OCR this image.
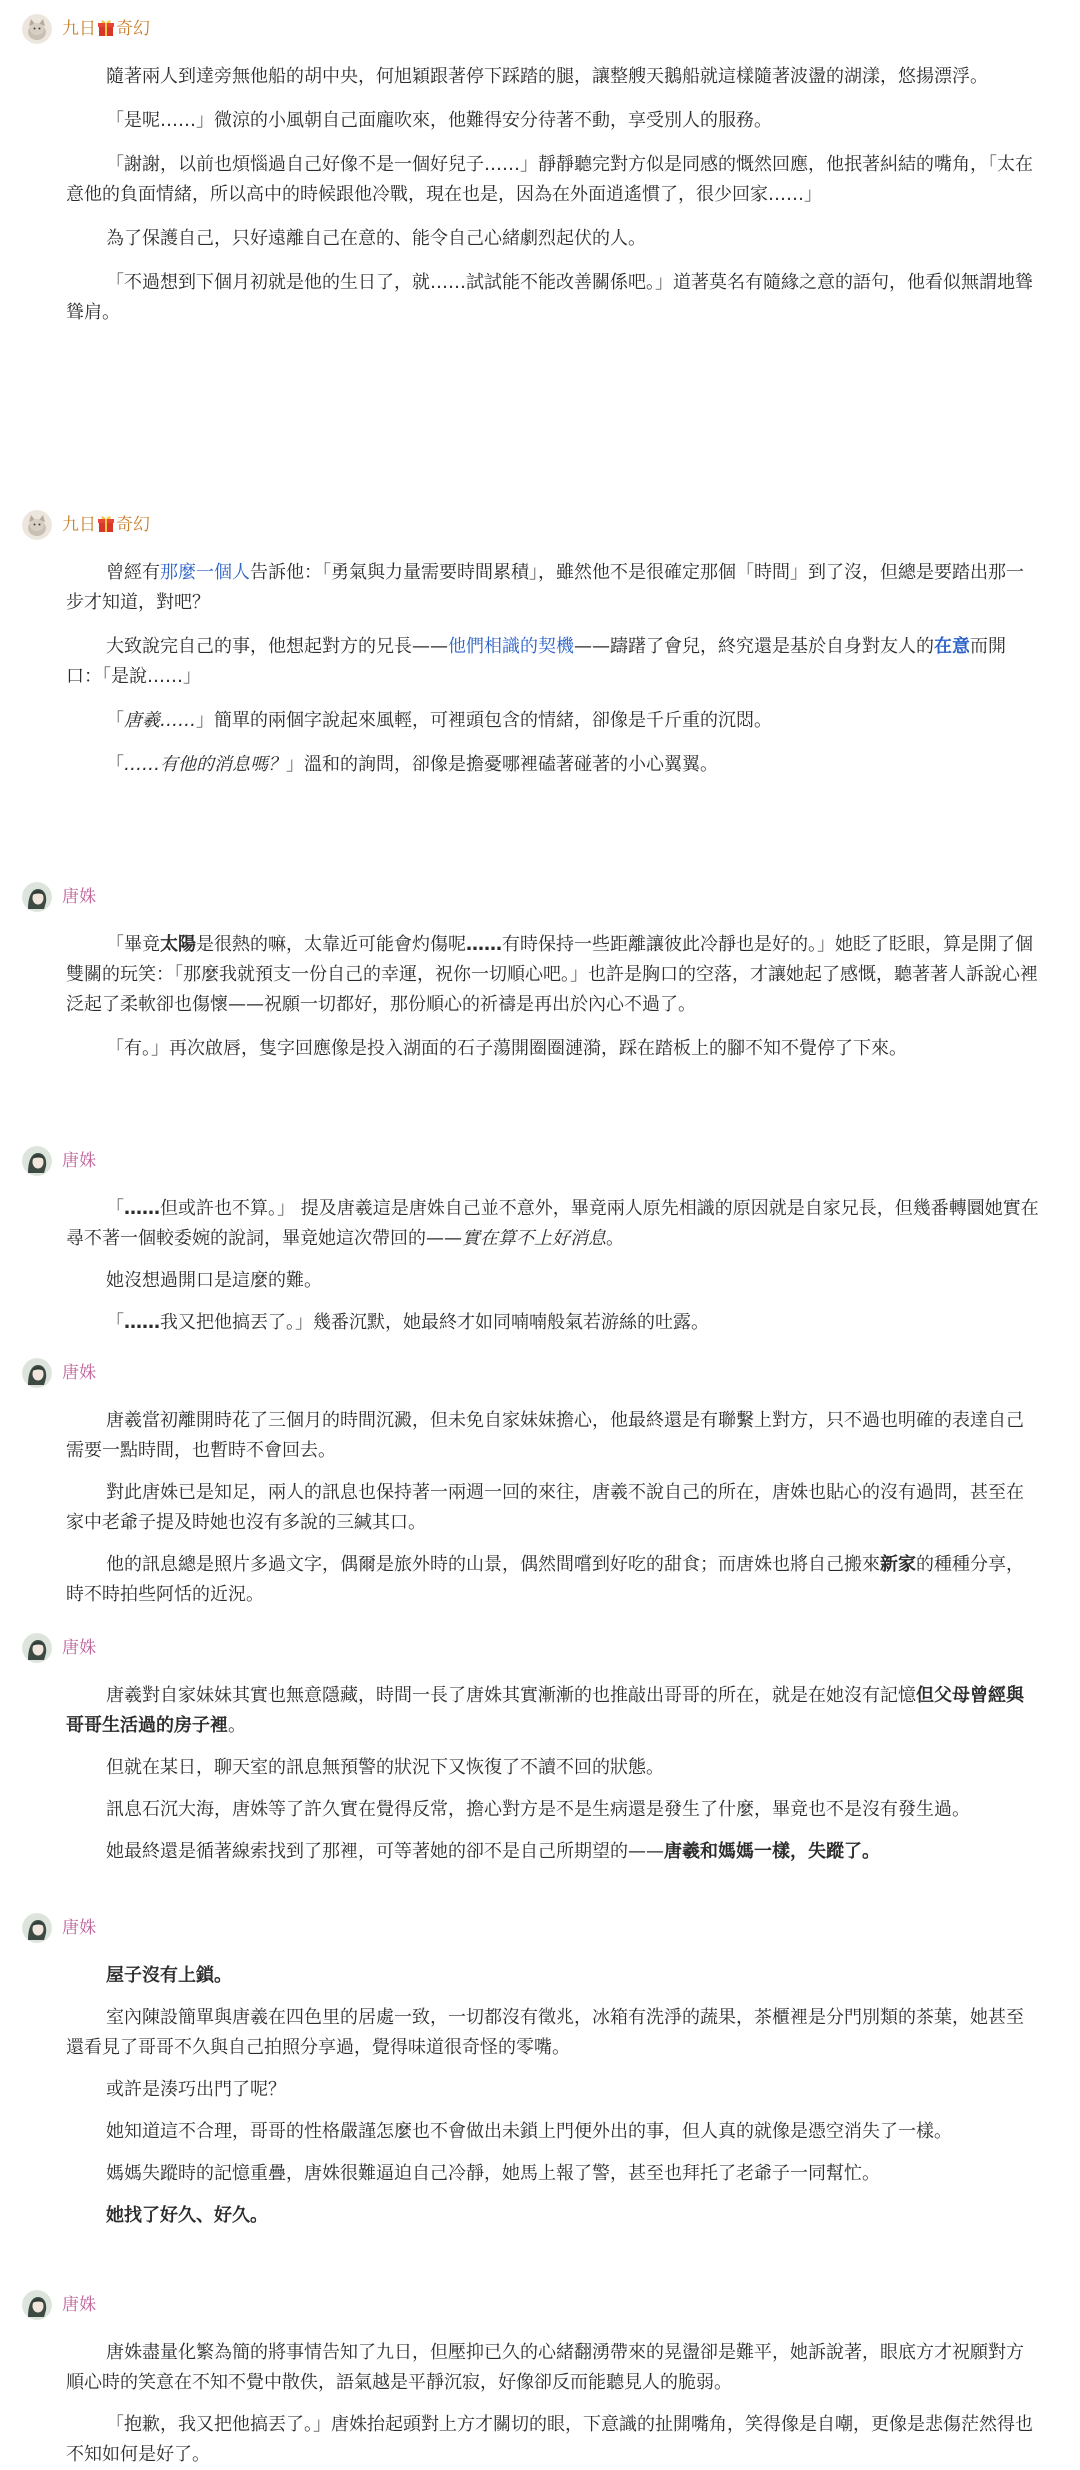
九日 奇幻

隨著兩人到達旁無他船的胡中央，何旭穎跟著停下踩踏的腿，讓整艘天鵝船就這樣隨著波盪的湖漾，悠揚漂浮。

「是呢……」微涼的小風朝自己面龐吹來，他難得安分待著不動，享受別人的服務。

「謝謝，以前也煩惱過自己好像不是一個好兒子……」靜靜聽完對方似是同感的慨然回應，他抿著糾結的嘴角，「太在意他的負面情緒，所以高中的時候跟他冷戰，現在也是，因為在外面逍遙慣了，很少回家……」

為了保護自己，只好遠離自己在意的、能令自己心緒劇烈起伏的人。

「不過想到下個月初就是他的生日了，就……試試能不能改善關係吧。」道著莫名有隨緣之意的語句，他看似無謂地聳聳肩。

九日 奇幻

曾經有那麼一個人告訴他：「勇氣與力量需要時間累積」，雖然他不是很確定那個「時間」到了沒，但總是要踏出那一步才知道，對吧？

大致說完自己的事，他想起對方的兄長——他們相識的契機——躊躇了會兒，終究還是基於自身對友人的在意而開口：「是說……」

「唐羲……」簡單的兩個字說起來風輕，可裡頭包含的情緒，卻像是千斤重的沉悶。

「……有他的消息嗎？」溫和的詢問，卻像是擔憂哪裡磕著碰著的小心翼翼。

唐姝

「畢竟太陽是很熱的嘛，太靠近可能會灼傷呢……有時保持一些距離讓彼此冷靜也是好的。」她眨了眨眼，算是開了個雙關的玩笑：「那麼我就預支一份自己的幸運，祝你一切順心吧。」也許是胸口的空落，才讓她起了感慨，聽著著人訴說心裡泛起了柔軟卻也傷懷——祝願一切都好，那份順心的祈禱是再出於內心不過了。

「有。」再次啟唇，隻字回應像是投入湖面的石子蕩開圈圈漣漪，踩在踏板上的腳不知不覺停了下來。

唐姝

「……但或許也不算。」 提及唐羲這是唐姝自己並不意外，畢竟兩人原先相識的原因就是自家兄長，但幾番轉圜她實在尋不著一個較委婉的說詞，畢竟她這次帶回的——實在算不上好消息。

她沒想過開口是這麼的難。

「……我又把他搞丟了。」幾番沉默，她最終才如同喃喃般氣若游絲的吐露。

唐姝

唐羲當初離開時花了三個月的時間沉澱，但未免自家妹妹擔心，他最終還是有聯繫上對方，只不過也明確的表達自己需要一點時間，也暫時不會回去。

對此唐姝已是知足，兩人的訊息也保持著一兩週一回的來往，唐羲不說自己的所在，唐姝也貼心的沒有過問，甚至在家中老爺子提及時她也沒有多說的三緘其口。

他的訊息總是照片多過文字，偶爾是旅外時的山景，偶然間嚐到好吃的甜食；而唐姝也將自己搬來新家的種種分享，時不時拍些阿恬的近況。

唐姝

唐羲對自家妹妹其實也無意隱藏，時間一長了唐姝其實漸漸的也推敲出哥哥的所在，就是在她沒有記憶但父母曾經與哥哥生活過的房子裡。

但就在某日，聊天室的訊息無預警的狀況下又恢復了不讀不回的狀態。

訊息石沉大海，唐姝等了許久實在覺得反常，擔心對方是不是生病還是發生了什麼，畢竟也不是沒有發生過。

她最終還是循著線索找到了那裡，可等著她的卻不是自己所期望的——唐羲和媽媽一樣，失蹤了。

唐姝

屋子沒有上鎖。

室內陳設簡單與唐羲在四色里的居處一致，一切都沒有徵兆，冰箱有洗淨的蔬果，茶櫃裡是分門別類的茶葉，她甚至還看見了哥哥不久與自己拍照分享過，覺得味道很奇怪的零嘴。

或許是湊巧出門了呢？

她知道這不合理，哥哥的性格嚴謹怎麼也不會做出未鎖上門便外出的事，但人真的就像是憑空消失了一樣。

媽媽失蹤時的記憶重疊，唐姝很難逼迫自己冷靜，她馬上報了警，甚至也拜托了老爺子一同幫忙。

她找了好久、好久。

唐姝

唐姝盡量化繁為簡的將事情告知了九日，但壓抑已久的心緒翻湧帶來的晃盪卻是難平，她訴說著，眼底方才祝願對方順心時的笑意在不知不覺中散佚，語氣越是平靜沉寂，好像卻反而能聽見人的脆弱。

「抱歉，我又把他搞丟了。」唐姝抬起頭對上方才關切的眼，下意識的扯開嘴角，笑得像是自嘲，更像是悲傷茫然得也不知如何是好了。
